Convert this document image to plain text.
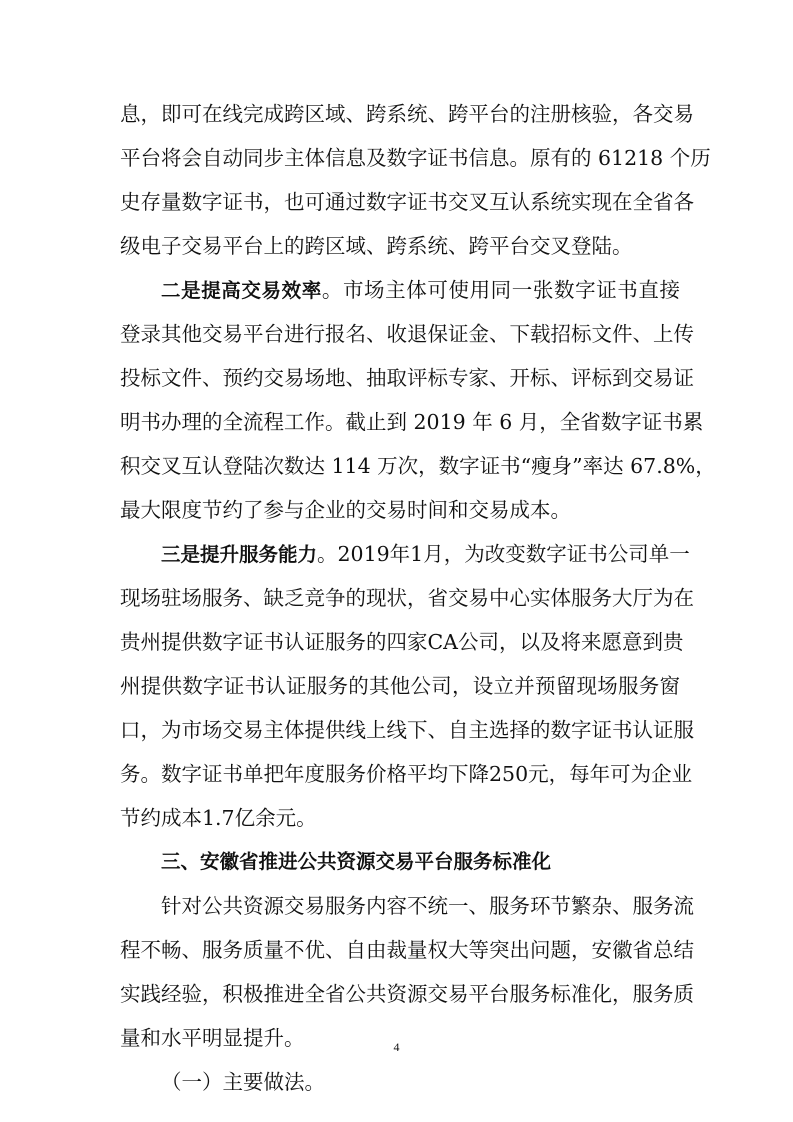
息，即可在线完成跨区域、跨系统、跨平台的注册核验，各交易
平台将会自动同步主体信息及数字证书信息。原有的 61218 个历
史存量数字证书，也可通过数字证书交叉互认系统实现在全省各
级电子交易平台上的跨区域、跨系统、跨平台交叉登陆。
二是提高交易效率。市场主体可使用同一张数字证书直接
登录其他交易平台进行报名、收退保证金、下载招标文件、上传
投标文件、预约交易场地、抽取评标专家、开标、评标到交易证
明书办理的全流程工作。截止到 2019 年 6 月，全省数字证书累
积交叉互认登陆次数达 114 万次，数字证书“瘦身”率达 67.8%，
最大限度节约了参与企业的交易时间和交易成本。
三是提升服务能力。2019年1月，为改变数字证书公司单一
现场驻场服务、缺乏竞争的现状，省交易中心实体服务大厅为在
贵州提供数字证书认证服务的四家CA公司，以及将来愿意到贵
州提供数字证书认证服务的其他公司，设立并预留现场服务窗
口，为市场交易主体提供线上线下、自主选择的数字证书认证服
务。数字证书单把年度服务价格平均下降250元，每年可为企业
节约成本1.7亿余元。
三、安徽省推进公共资源交易平台服务标准化
针对公共资源交易服务内容不统一、服务环节繁杂、服务流
程不畅、服务质量不优、自由裁量权大等突出问题，安徽省总结
实践经验，积极推进全省公共资源交易平台服务标准化，服务质
量和水平明显提升。
（一）主要做法。
4
